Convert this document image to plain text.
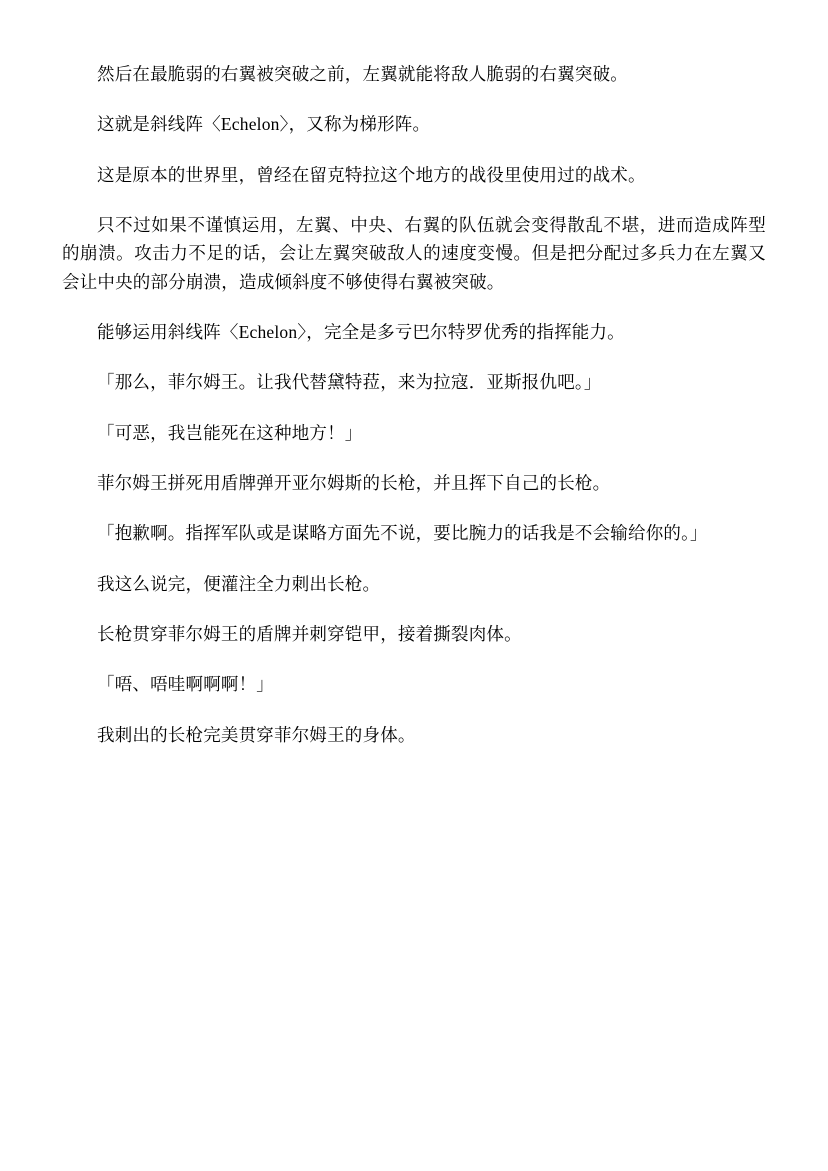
然后在最脆弱的右翼被突破之前，左翼就能将敌人脆弱的右翼突破。

这就是斜线阵〈Echelon〉，又称为梯形阵。

这是原本的世界里，曾经在留克特拉这个地方的战役里使用过的战术。

只不过如果不谨慎运用，左翼、中央、右翼的队伍就会变得散乱不堪，进而造成阵型的崩溃。攻击力不足的话，会让左翼突破敌人的速度变慢。但是把分配过多兵力在左翼又会让中央的部分崩溃，造成倾斜度不够使得右翼被突破。

能够运用斜线阵〈Echelon〉，完全是多亏巴尔特罗优秀的指挥能力。

「那么，菲尔姆王。让我代替黛特菈，来为拉寇．亚斯报仇吧。」

「可恶，我岂能死在这种地方！」

菲尔姆王拼死用盾牌弹开亚尔姆斯的长枪，并且挥下自己的长枪。

「抱歉啊。指挥军队或是谋略方面先不说，要比腕力的话我是不会输给你的。」

我这么说完，便灌注全力刺出长枪。

长枪贯穿菲尔姆王的盾牌并刺穿铠甲，接着撕裂肉体。

「唔、唔哇啊啊啊！」

我刺出的长枪完美贯穿菲尔姆王的身体。
